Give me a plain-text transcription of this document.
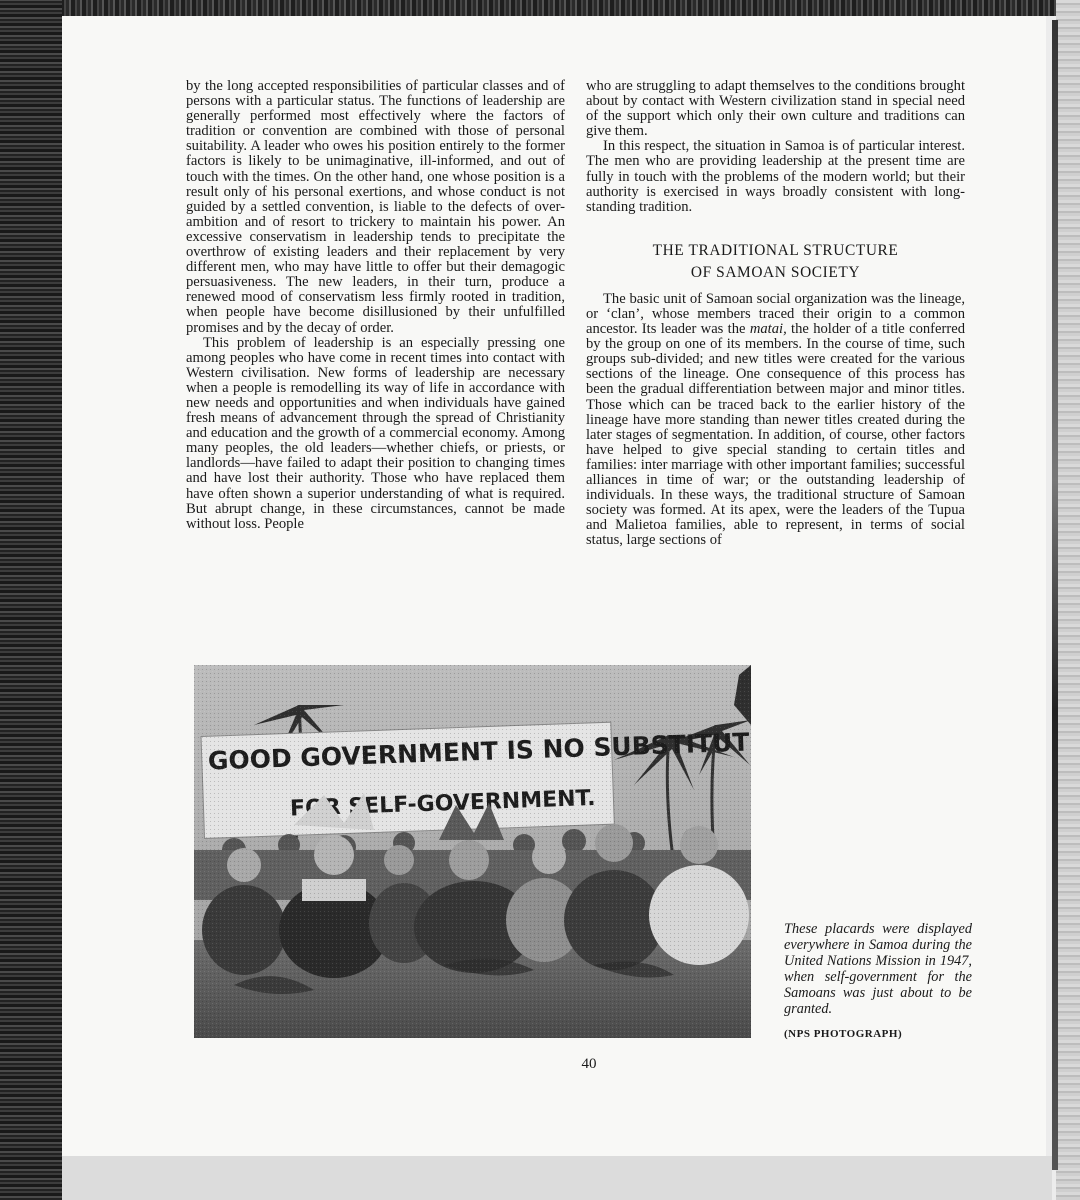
by the long accepted responsibilities of particular classes and of persons with a particular status. The functions of leadership are generally performed most effectively where the factors of tradition or convention are combined with those of personal suitability. A leader who owes his position entirely to the former factors is likely to be unimaginative, ill-informed, and out of touch with the times. On the other hand, one whose position is a result only of his personal exertions, and whose conduct is not guided by a settled convention, is liable to the defects of over-ambition and of resort to trickery to maintain his power. An excessive conservatism in leadership tends to precipitate the overthrow of existing leaders and their replacement by very different men, who may have little to offer but their demagogic persuasiveness. The new leaders, in their turn, produce a renewed mood of conservatism less firmly rooted in tradition, when people have become disillusioned by their unfulfilled promises and by the decay of order.

This problem of leadership is an especially pressing one among peoples who have come in recent times into contact with Western civilisation. New forms of leadership are necessary when a people is remodelling its way of life in accordance with new needs and opportunities and when individuals have gained fresh means of advancement through the spread of Christianity and education and the growth of a commercial economy. Among many peoples, the old leaders—whether chiefs, or priests, or landlords—have failed to adapt their position to changing times and have lost their authority. Those who have replaced them have often shown a superior understanding of what is required. But abrupt change, in these circumstances, cannot be made without loss. People

who are struggling to adapt themselves to the conditions brought about by contact with Western civilization stand in special need of the support which only their own culture and traditions can give them.

In this respect, the situation in Samoa is of particular interest. The men who are providing leadership at the present time are fully in touch with the problems of the modern world; but their authority is exercised in ways broadly consistent with long-standing tradition.

THE TRADITIONAL STRUCTURE
OF SAMOAN SOCIETY

The basic unit of Samoan social organization was the lineage, or ‘clan’, whose members traced their origin to a common ancestor. Its leader was the matai, the holder of a title conferred by the group on one of its members. In the course of time, such groups sub-divided; and new titles were created for the various sections of the lineage. One consequence of this process has been the gradual differentiation between major and minor titles. Those which can be traced back to the earlier history of the lineage have more standing than newer titles created during the later stages of segmentation. In addition, of course, other factors have helped to give special standing to certain titles and families: inter marriage with other important families; successful alliances in time of war; or the outstanding leadership of individuals. In these ways, the traditional structure of Samoan society was formed. At its apex, were the leaders of the Tupua and Malietoa families, able to represent, in terms of social status, large sections of

These placards were displayed everywhere in Samoa during the United Nations Mission in 1947, when self-government for the Samoans was just about to be granted.
(NPS PHOTOGRAPH)
40
